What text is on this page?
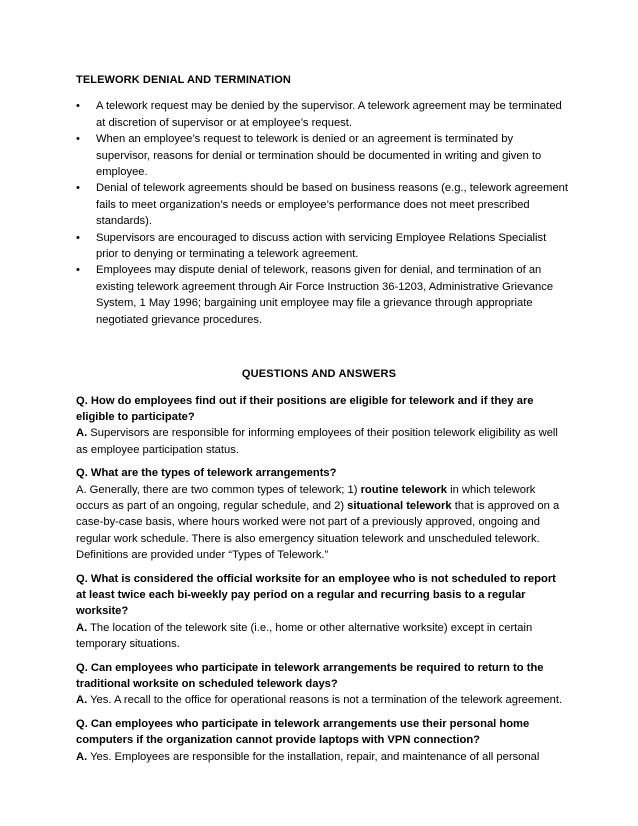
TELEWORK DENIAL AND TERMINATION
•	A telework request may be denied by the supervisor. A telework agreement may be terminated at discretion of supervisor or at employee’s request.
•	When an employee’s request to telework is denied or an agreement is terminated by supervisor, reasons for denial or termination should be documented in writing and given to employee.
•	Denial of telework agreements should be based on business reasons (e.g., telework agreement fails to meet organization’s needs or employee’s performance does not meet prescribed standards).
•	Supervisors are encouraged to discuss action with servicing Employee Relations Specialist prior to denying or terminating a telework agreement.
•	Employees may dispute denial of telework, reasons given for denial, and termination of an existing telework agreement through Air Force Instruction 36-1203, Administrative Grievance System, 1 May 1996; bargaining unit employee may file a grievance through appropriate negotiated grievance procedures.
QUESTIONS AND ANSWERS
Q. How do employees find out if their positions are eligible for telework and if they are eligible to participate?
A. Supervisors are responsible for informing employees of their position telework eligibility as well as employee participation status.
Q. What are the types of telework arrangements?
A. Generally, there are two common types of telework; 1) routine telework in which telework occurs as part of an ongoing, regular schedule, and 2) situational telework that is approved on a case-by-case basis, where hours worked were not part of a previously approved, ongoing and regular work schedule. There is also emergency situation telework and unscheduled telework. Definitions are provided under “Types of Telework.”
Q. What is considered the official worksite for an employee who is not scheduled to report at least twice each bi-weekly pay period on a regular and recurring basis to a regular worksite?
A. The location of the telework site (i.e., home or other alternative worksite) except in certain temporary situations.
Q. Can employees who participate in telework arrangements be required to return to the traditional worksite on scheduled telework days?
A. Yes. A recall to the office for operational reasons is not a termination of the telework agreement.
Q. Can employees who participate in telework arrangements use their personal home computers if the organization cannot provide laptops with VPN connection?
A. Yes. Employees are responsible for the installation, repair, and maintenance of all personal
